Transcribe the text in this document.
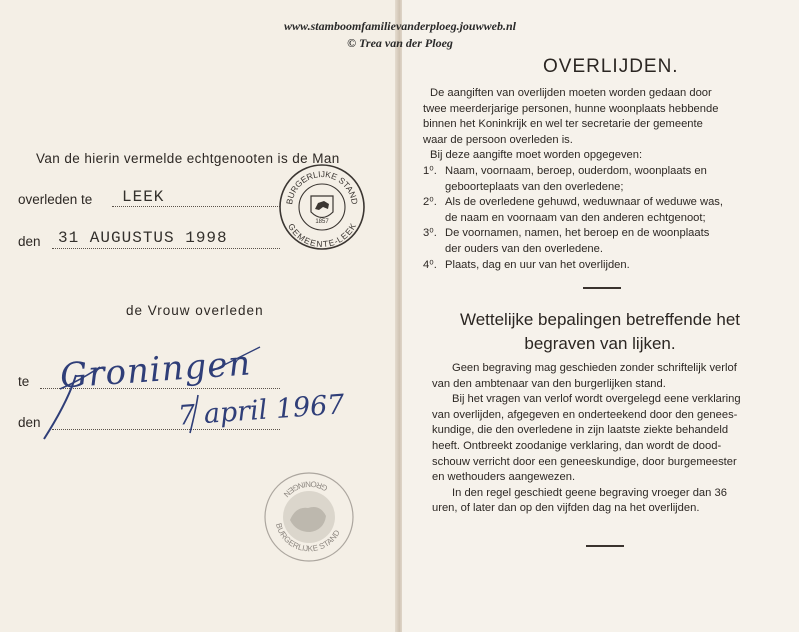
www.stamboomfamilievanderploeg.jouwweb.nl
© Trea van der Ploeg
Van de hierin vermelde echtgenooten is de Man
overleden te LEEK
den 31 AUGUSTUS 1998
BURGERLIJKE STAND
GEMEENTE-LEEK
1857
de Vrouw overleden
te Groningen
den	7 april 1967
GRONINGEN
BURGERLIJKE STAND
OVERLIJDEN.
De aangiften van overlijden moeten worden gedaan door
twee meerderjarige personen, hunne woonplaats hebbende
binnen het Koninkrijk en wel ter secretarie der gemeente
waar de persoon overleden is.
Bij deze aangifte moet worden opgegeven:
1⁰. Naam, voornaam, beroep, ouderdom, woonplaats en
geboorteplaats van den overledene;
2⁰. Als de overledene gehuwd, weduwnaar of weduwe was,
de naam en voornaam van den anderen echtgenoot;
3⁰. De voornamen, namen, het beroep en de woonplaats
der ouders van den overledene.
4⁰. Plaats, dag en uur van het overlijden.
Wettelijke bepalingen betreffende het
begraven van lijken.
Geen begraving mag geschieden zonder schriftelijk verlof
van den ambtenaar van den burgerlijken stand.
Bij het vragen van verlof wordt overgelegd eene verklaring
van overlijden, afgegeven en onderteekend door den genees-
kundige, die den overledene in zijn laatste ziekte behandeld
heeft. Ontbreekt zoodanige verklaring, dan wordt de dood-
schouw verricht door een geneeskundige, door burgemeester
en wethouders aangewezen.
In den regel geschiedt geene begraving vroeger dan 36
uren, of later dan op den vijfden dag na het overlijden.
